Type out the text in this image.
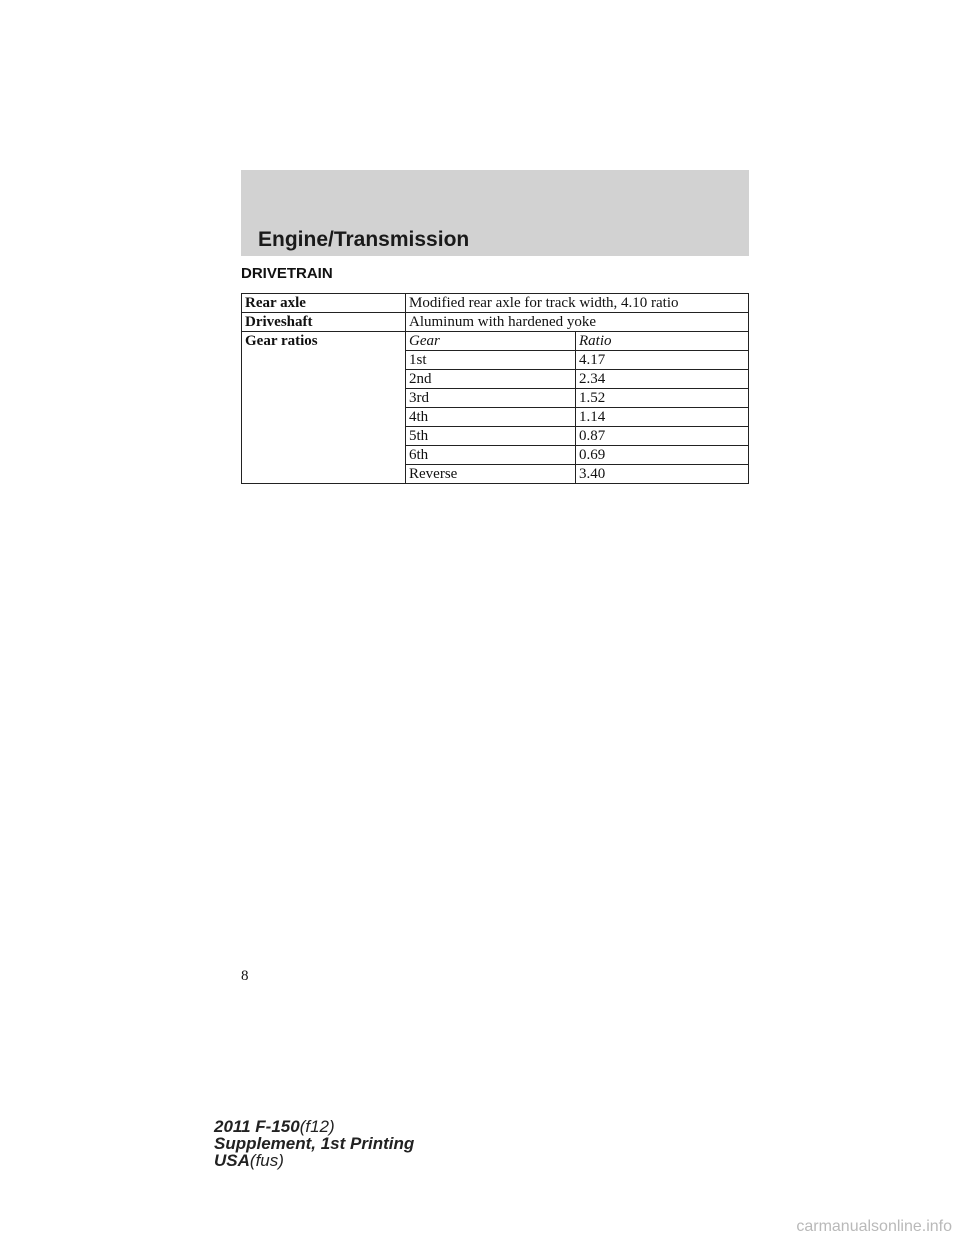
Engine/Transmission
DRIVETRAIN
Rear axle	Modified rear axle for track width, 4.10 ratio	
Driveshaft	Aluminum with hardened yoke	
Gear ratios	Gear	Ratio
	1st	4.17
	2nd	2.34
	3rd	1.52
	4th	1.14
	5th	0.87
	6th	0.69
	Reverse	3.40
8
2011 F-150(f12)
Supplement, 1st Printing
USA(fus)
carmanualsonline.info
